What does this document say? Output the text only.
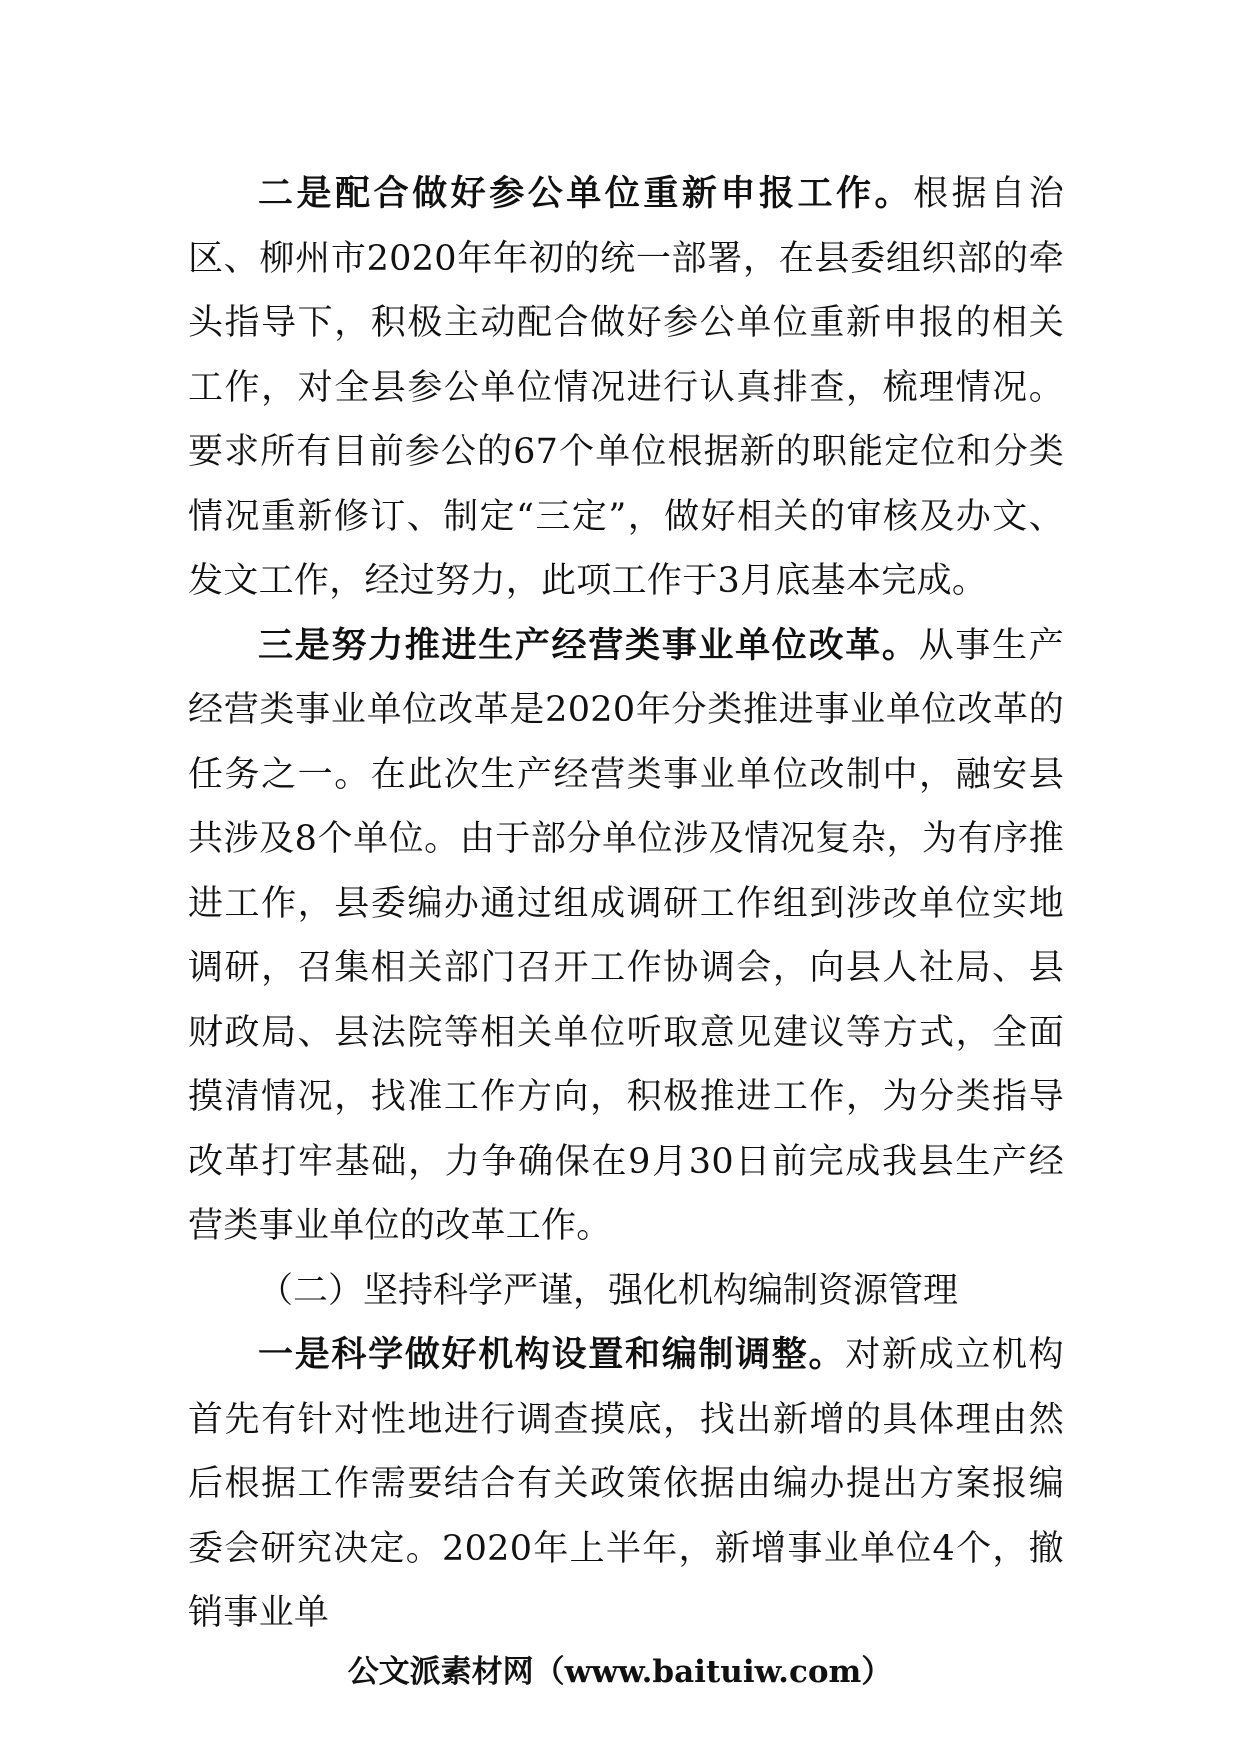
二是配合做好参公单位重新申报工作。根据自治区、柳州市2020年年初的统一部署，在县委组织部的牵头指导下，积极主动配合做好参公单位重新申报的相关工作，对全县参公单位情况进行认真排查，梳理情况。要求所有目前参公的67个单位根据新的职能定位和分类情况重新修订、制定“三定”，做好相关的审核及办文、发文工作，经过努力，此项工作于3月底基本完成。

三是努力推进生产经营类事业单位改革。从事生产经营类事业单位改革是2020年分类推进事业单位改革的任务之一。在此次生产经营类事业单位改制中，融安县共涉及8个单位。由于部分单位涉及情况复杂，为有序推进工作，县委编办通过组成调研工作组到涉改单位实地调研，召集相关部门召开工作协调会，向县人社局、县财政局、县法院等相关单位听取意见建议等方式，全面摸清情况，找准工作方向，积极推进工作，为分类指导改革打牢基础，力争确保在9月30日前完成我县生产经营类事业单位的改革工作。

（二）坚持科学严谨，强化机构编制资源管理

一是科学做好机构设置和编制调整。对新成立机构首先有针对性地进行调查摸底，找出新增的具体理由然后根据工作需要结合有关政策依据由编办提出方案报编委会研究决定。2020年上半年，新增事业单位4个，撤销事业单

公文派素材网（www.baituiw.com）
